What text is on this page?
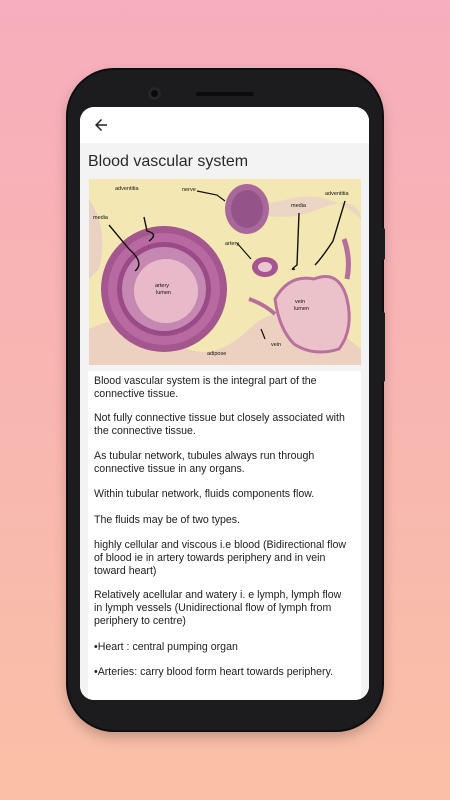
Blood vascular system
adventitia	nerve
media
artery
artery
lumen
media
adventitia
vein
lumen
vein
adipose

Blood vascular system is the integral part of the connective tissue.

Not fully connective tissue but closely associated with the connective tissue.

As tubular network, tubules always run through connective tissue in any organs.

Within tubular network, fluids components flow.

The fluids may be of two types.

highly cellular and viscous i.e blood (Bidirectional flow of blood ie in artery towards periphery and in vein toward heart)

Relatively acellular and watery i. e lymph, lymph flow in lymph vessels (Unidirectional flow of lymph from periphery to centre)

•Heart : central pumping organ

•Arteries: carry blood form heart towards periphery.
